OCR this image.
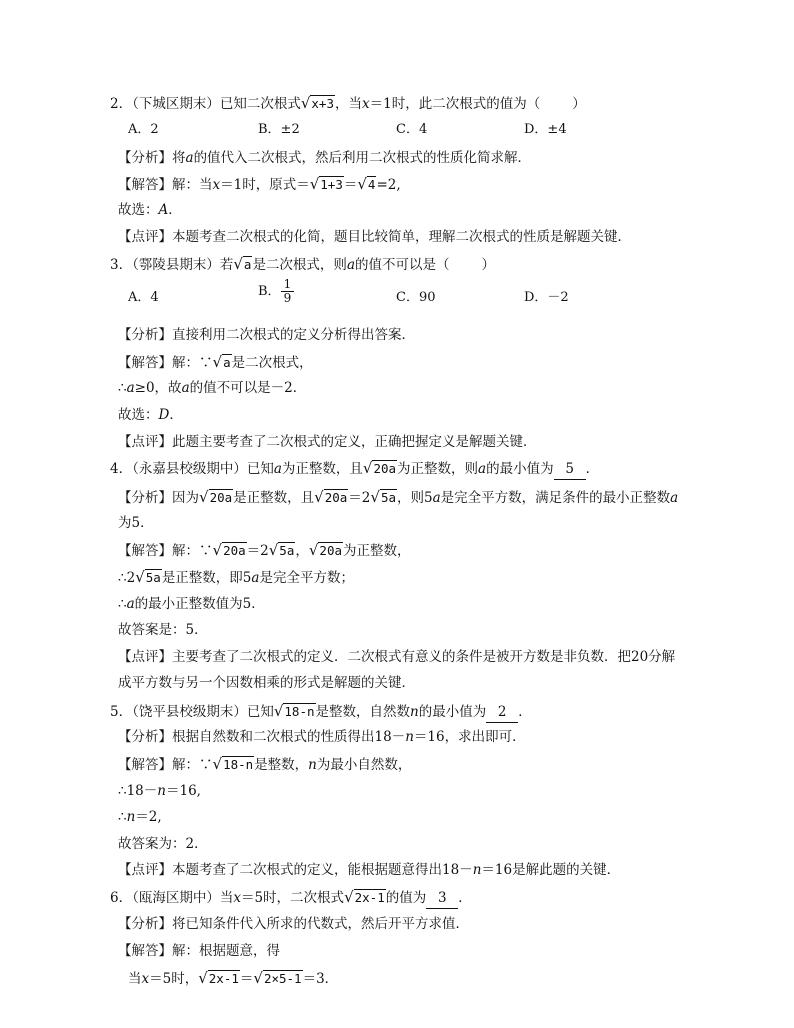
2．（下城区期末）已知二次根式√x+3，当x＝1时，此二次根式的值为（ ）
A．2	B．±2	C．4	D．±4
【分析】将a的值代入二次根式，然后利用二次根式的性质化简求解．
【解答】解：当x＝1时，原式＝√1+3＝√4=2,
故选：A．
【点评】本题考查二次根式的化简，题目比较简单，理解二次根式的性质是解题关键．
3．（鄠陵县期末）若√a是二次根式，则a的值不可以是（ ）
A．4	B． $\frac{1}{9}$	C．90	D．－2
【分析】直接利用二次根式的定义分析得出答案．
【解答】解：∵√a是二次根式，
∴a≥0，故a的值不可以是－2．
故选：D．
【点评】此题主要考查了二次根式的定义，正确把握定义是解题关键．
4．（永嘉县校级期中）已知a为正整数，且√20a为正整数，则a的最小值为 5 ．
【分析】因为√20a是正整数，且√20a＝2√5a，则5a是完全平方数，满足条件的最小正整数a
为5．
【解答】解：∵√20a＝2√5a，√20a为正整数，
∴2√5a是正整数，即5a是完全平方数；
∴a的最小正整数值为5．
故答案是：5．
【点评】主要考查了二次根式的定义．二次根式有意义的条件是被开方数是非负数．把20分解
成平方数与另一个因数相乘的形式是解题的关键．
5．（饶平县校级期末）已知√18-n是整数，自然数n的最小值为 2 ．
【分析】根据自然数和二次根式的性质得出18－n＝16，求出即可．
【解答】解：∵√18-n是整数，n为最小自然数，
∴18－n＝16,
∴n＝2,
故答案为：2．
【点评】本题考查了二次根式的定义，能根据题意得出18－n＝16是解此题的关键．
6．（瓯海区期中）当x＝5时，二次根式√2x-1的值为 3 ．
【分析】将已知条件代入所求的代数式，然后开平方求值．
【解答】解：根据题意，得
当x＝5时，√2x-1＝√2×5-1＝3．
